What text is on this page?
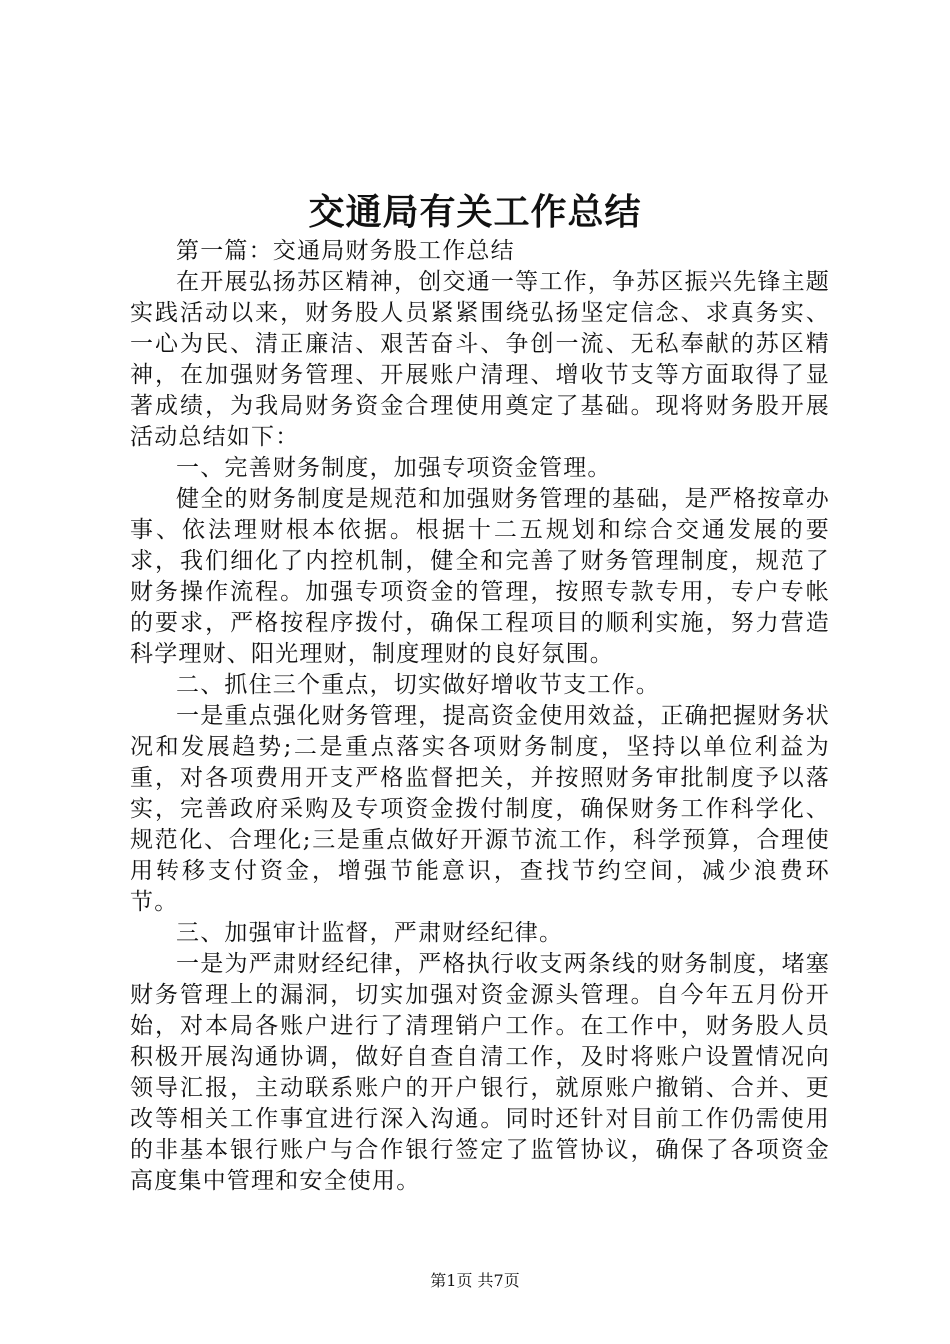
交通局有关工作总结

第一篇：交通局财务股工作总结

在开展弘扬苏区精神，创交通一等工作，争苏区振兴先锋主题实践活动以来，财务股人员紧紧围绕弘扬坚定信念、求真务实、一心为民、清正廉洁、艰苦奋斗、争创一流、无私奉献的苏区精神，在加强财务管理、开展账户清理、增收节支等方面取得了显著成绩，为我局财务资金合理使用奠定了基础。现将财务股开展活动总结如下：

一、完善财务制度，加强专项资金管理。

健全的财务制度是规范和加强财务管理的基础，是严格按章办事、依法理财根本依据。根据十二五规划和综合交通发展的要求，我们细化了内控机制，健全和完善了财务管理制度，规范了财务操作流程。加强专项资金的管理，按照专款专用，专户专帐的要求，严格按程序拨付，确保工程项目的顺利实施，努力营造科学理财、阳光理财，制度理财的良好氛围。

二、抓住三个重点，切实做好增收节支工作。

一是重点强化财务管理，提高资金使用效益，正确把握财务状况和发展趋势;二是重点落实各项财务制度，坚持以单位利益为重，对各项费用开支严格监督把关，并按照财务审批制度予以落实，完善政府采购及专项资金拨付制度，确保财务工作科学化、规范化、合理化;三是重点做好开源节流工作，科学预算，合理使用转移支付资金，增强节能意识，查找节约空间，减少浪费环节。

三、加强审计监督，严肃财经纪律。

一是为严肃财经纪律，严格执行收支两条线的财务制度，堵塞财务管理上的漏洞，切实加强对资金源头管理。自今年五月份开始，对本局各账户进行了清理销户工作。在工作中，财务股人员积极开展沟通协调，做好自查自清工作，及时将账户设置情况向领导汇报，主动联系账户的开户银行，就原账户撤销、合并、更改等相关工作事宜进行深入沟通。同时还针对目前工作仍需使用的非基本银行账户与合作银行签定了监管协议，确保了各项资金高度集中管理和安全使用。

第1页 共7页
